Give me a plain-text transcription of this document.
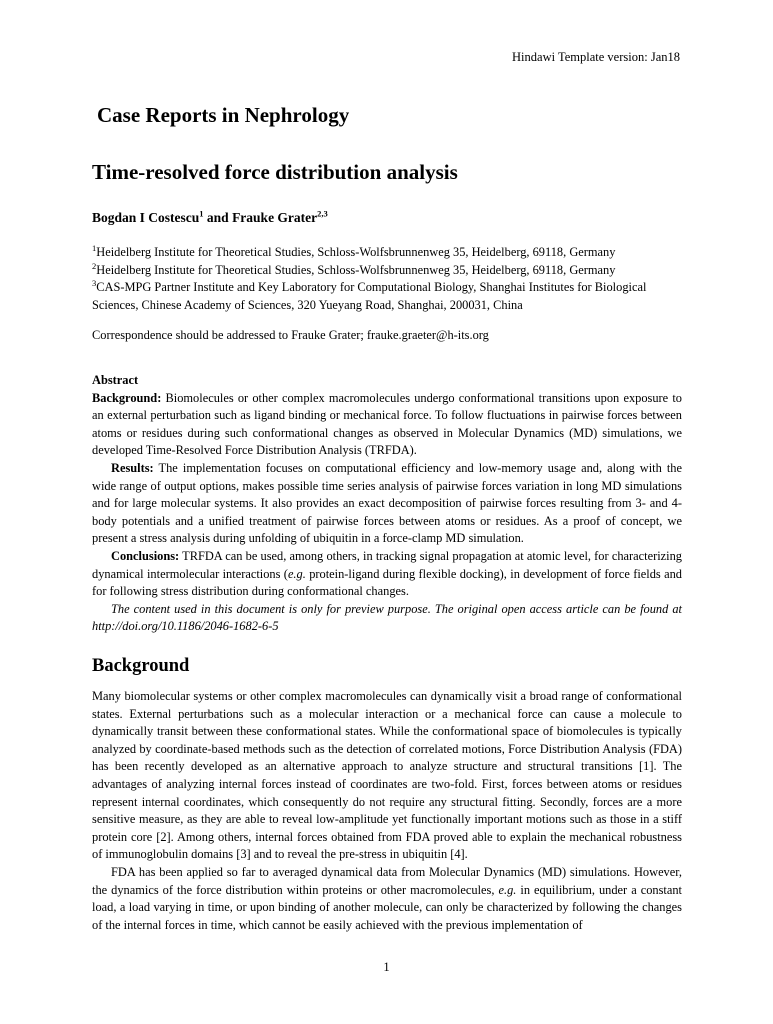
Hindawi Template version: Jan18
Case Reports in Nephrology
Time-resolved force distribution analysis
Bogdan I Costescu$^1$ and Frauke Grater$^{2,3}$

$^1$Heidelberg Institute for Theoretical Studies, Schloss-Wolfsbrunnenweg 35, Heidelberg, 69118, Germany

$^2$Heidelberg Institute for Theoretical Studies, Schloss-Wolfsbrunnenweg 35, Heidelberg, 69118, Germany

$^3$CAS-MPG Partner Institute and Key Laboratory for Computational Biology, Shanghai Institutes for Biological Sciences, Chinese Academy of Sciences, 320 Yueyang Road, Shanghai, 200031, China

Correspondence should be addressed to Frauke Grater; frauke.graeter@h-its.org

Abstract

Background: Biomolecules or other complex macromolecules undergo conformational transitions upon exposure to an external perturbation such as ligand binding or mechanical force. To follow fluctuations in pairwise forces between atoms or residues during such conformational changes as observed in Molecular Dynamics (MD) simulations, we developed Time-Resolved Force Distribution Analysis (TRFDA).

Results: The implementation focuses on computational efficiency and low-memory usage and, along with the wide range of output options, makes possible time series analysis of pairwise forces variation in long MD simulations and for large molecular systems. It also provides an exact decomposition of pairwise forces resulting from 3- and 4-body potentials and a unified treatment of pairwise forces between atoms or residues. As a proof of concept, we present a stress analysis during unfolding of ubiquitin in a force-clamp MD simulation.

Conclusions: TRFDA can be used, among others, in tracking signal propagation at atomic level, for characterizing dynamical intermolecular interactions (e.g. protein-ligand during flexible docking), in development of force fields and for following stress distribution during conformational changes.

The content used in this document is only for preview purpose. The original open access article can be found at http://doi.org/10.1186/2046-1682-6-5

Background

Many biomolecular systems or other complex macromolecules can dynamically visit a broad range of conformational states. External perturbations such as a molecular interaction or a mechanical force can cause a molecule to dynamically transit between these conformational states. While the conformational space of biomolecules is typically analyzed by coordinate-based methods such as the detection of correlated motions, Force Distribution Analysis (FDA) has been recently developed as an alternative approach to analyze structure and structural transitions [1]. The advantages of analyzing internal forces instead of coordinates are two-fold. First, forces between atoms or residues represent internal coordinates, which consequently do not require any structural fitting. Secondly, forces are a more sensitive measure, as they are able to reveal low-amplitude yet functionally important motions such as those in a stiff protein core [2]. Among others, internal forces obtained from FDA proved able to explain the mechanical robustness of immunoglobulin domains [3] and to reveal the pre-stress in ubiquitin [4].

FDA has been applied so far to averaged dynamical data from Molecular Dynamics (MD) simulations. However, the dynamics of the force distribution within proteins or other macromolecules, e.g. in equilibrium, under a constant load, a load varying in time, or upon binding of another molecule, can only be characterized by following the changes of the internal forces in time, which cannot be easily achieved with the previous implementation of

1
